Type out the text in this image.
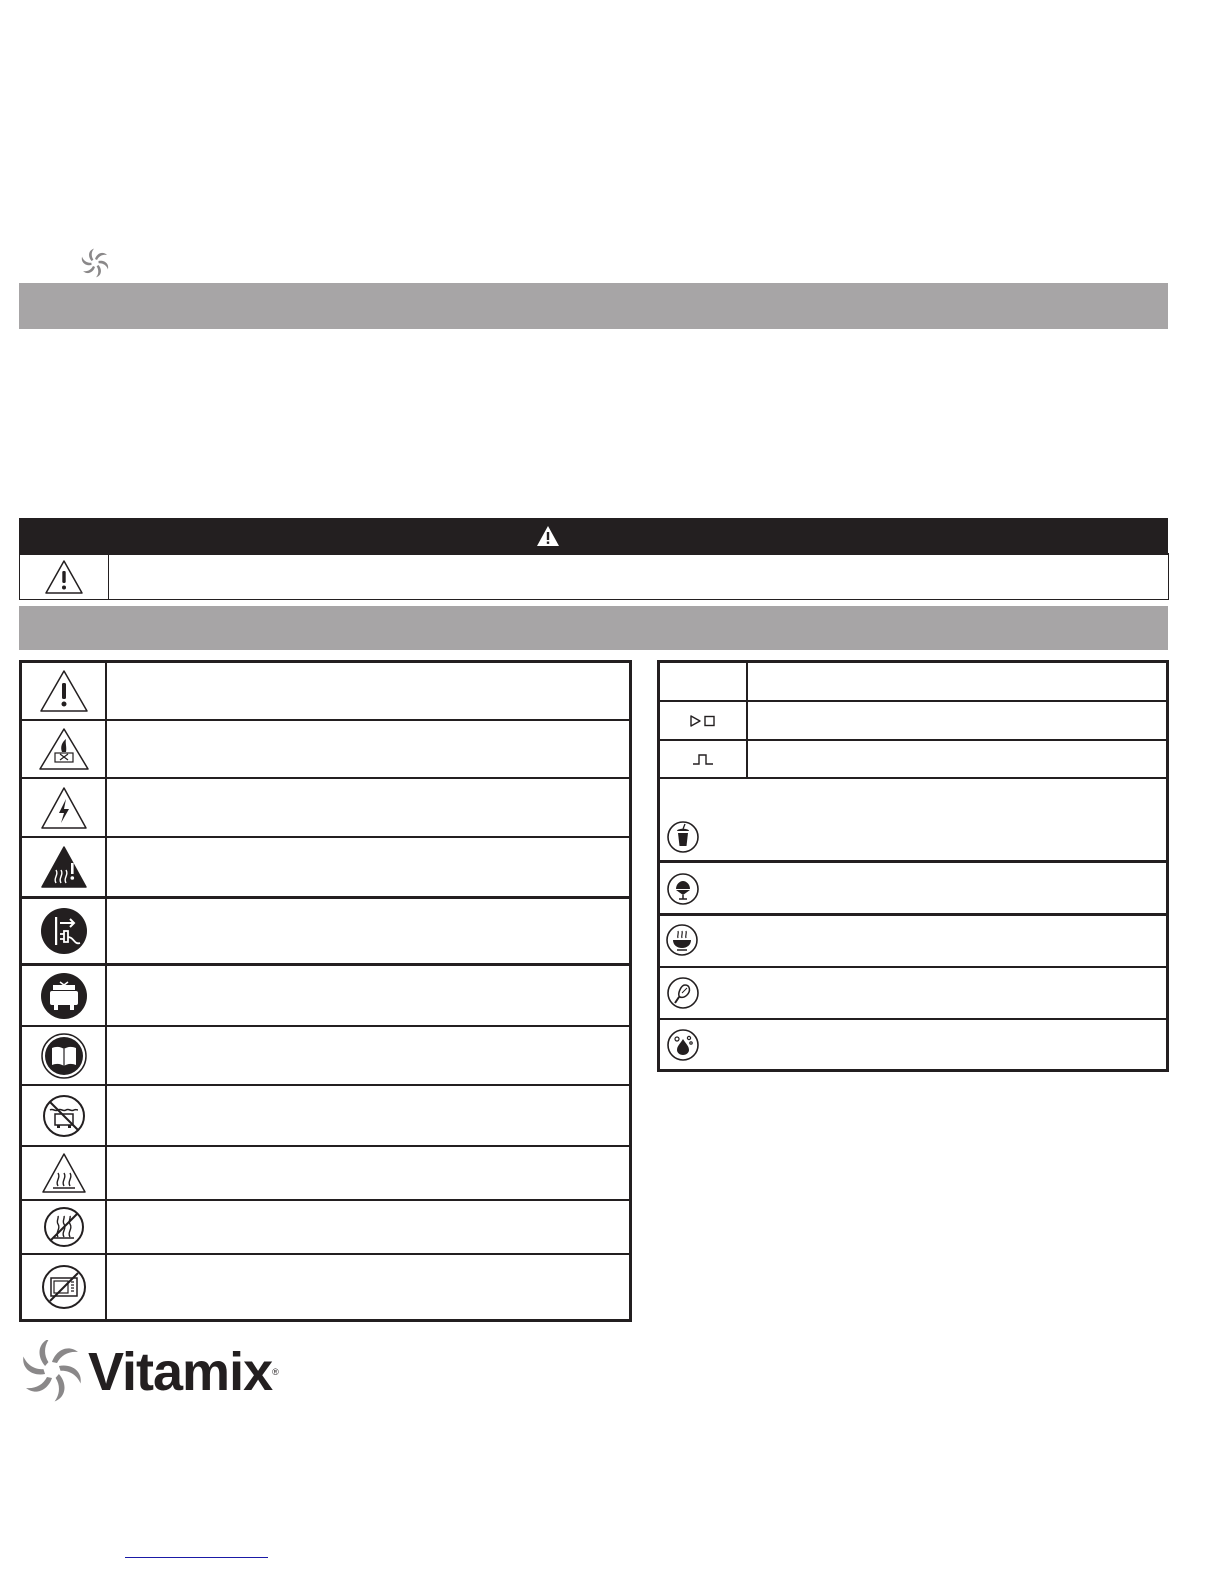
Vitamix®
